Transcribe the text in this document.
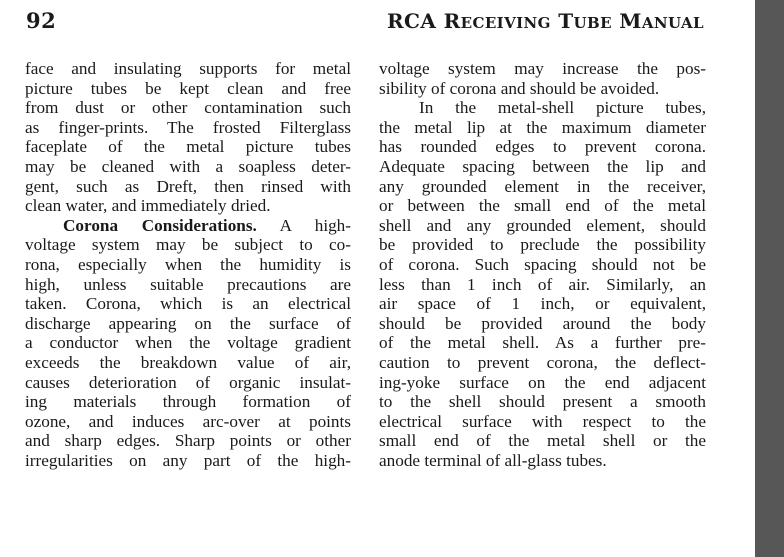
92	RCA RECEIVING TUBE MANUAL
face and insulating supports for metal
picture tubes be kept clean and free
from dust or other contamination such
as finger-prints. The frosted Filterglass
faceplate of the metal picture tubes
may be cleaned with a soapless deter-
gent, such as Dreft, then rinsed with
clean water, and immediately dried.
Corona Considerations. A high-
voltage system may be subject to co-
rona, especially when the humidity is
high, unless suitable precautions are
taken. Corona, which is an electrical
discharge appearing on the surface of
a conductor when the voltage gradient
exceeds the breakdown value of air,
causes deterioration of organic insulat-
ing materials through formation of
ozone, and induces arc-over at points
and sharp edges. Sharp points or other
irregularities on any part of the high-
voltage system may increase the pos-
sibility of corona and should be avoided.
In the metal-shell picture tubes,
the metal lip at the maximum diameter
has rounded edges to prevent corona.
Adequate spacing between the lip and
any grounded element in the receiver,
or between the small end of the metal
shell and any grounded element, should
be provided to preclude the possibility
of corona. Such spacing should not be
less than 1 inch of air. Similarly, an
air space of 1 inch, or equivalent,
should be provided around the body
of the metal shell. As a further pre-
caution to prevent corona, the deflect-
ing-yoke surface on the end adjacent
to the shell should present a smooth
electrical surface with respect to the
small end of the metal shell or the
anode terminal of all-glass tubes.
